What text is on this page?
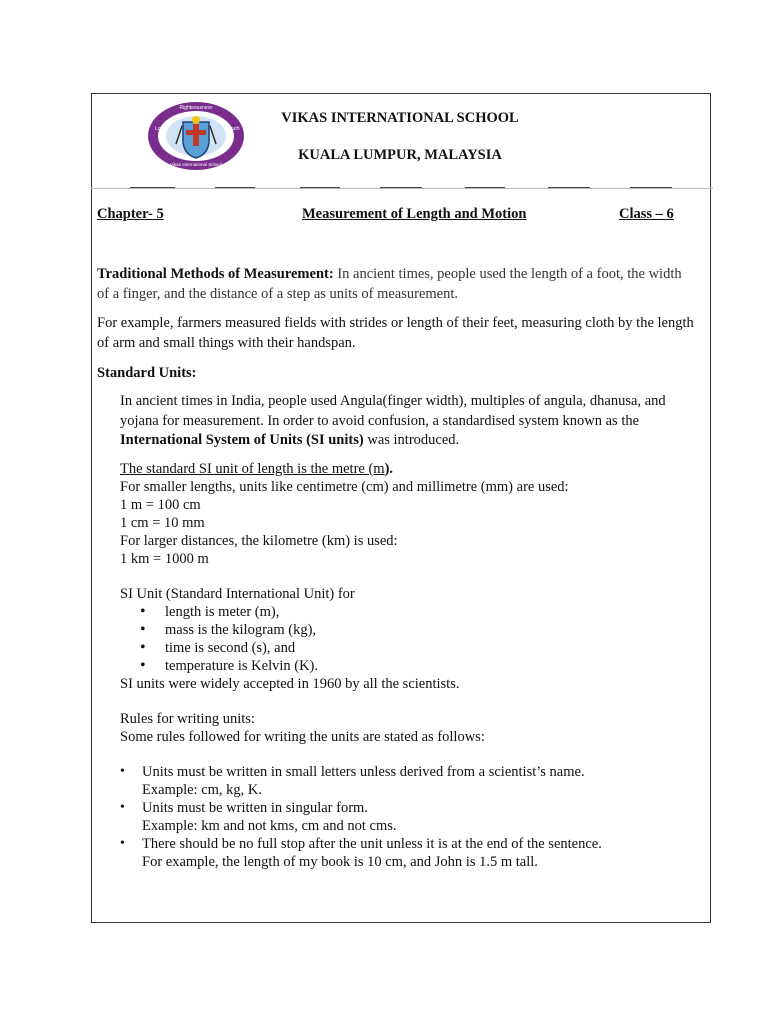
Righteousness
Love	Truth
Vikas International School
VIKAS INTERNATIONAL SCHOOL
KUALA LUMPUR, MALAYSIA
Chapter- 5	Measurement of Length and Motion	Class – 6
Traditional Methods of Measurement: In ancient times, people used the length of a foot, the width of a finger, and the distance of a step as units of measurement.
For example, farmers measured fields with strides or length of their feet, measuring cloth by the length of arm and small things with their handspan.
Standard Units:
In ancient times in India, people used Angula(finger width), multiples of angula, dhanusa, and yojana for measurement. In order to avoid confusion, a standardised system known as the International System of Units (SI units) was introduced.
The standard SI unit of length is the metre (m).
For smaller lengths, units like centimetre (cm) and millimetre (mm) are used:
1 m = 100 cm
1 cm = 10 mm
For larger distances, the kilometre (km) is used:
1 km = 1000 m
SI Unit (Standard International Unit) for
• length is meter (m),
• mass is the kilogram (kg),
• time is second (s), and
• temperature is Kelvin (K).
SI units were widely accepted in 1960 by all the scientists.
Rules for writing units:
Some rules followed for writing the units are stated as follows:
• Units must be written in small letters unless derived from a scientist’s name.
Example: cm, kg, K.
• Units must be written in singular form.
Example: km and not kms, cm and not cms.
• There should be no full stop after the unit unless it is at the end of the sentence.
For example, the length of my book is 10 cm, and John is 1.5 m tall.
